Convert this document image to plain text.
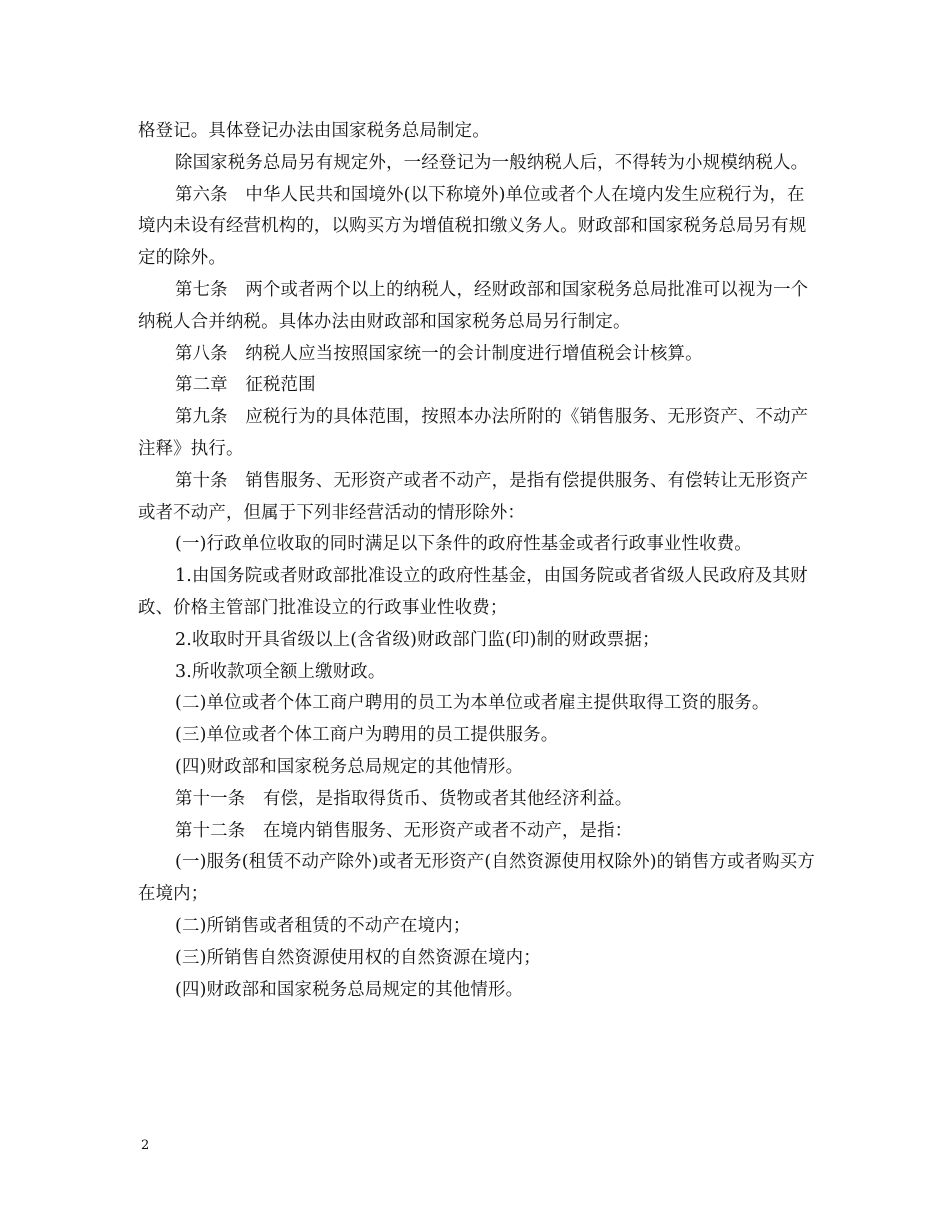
格登记。具体登记办法由国家税务总局制定。

除国家税务总局另有规定外，一经登记为一般纳税人后，不得转为小规模纳税人。

第六条　中华人民共和国境外(以下称境外)单位或者个人在境内发生应税行为，在境内未设有经营机构的，以购买方为增值税扣缴义务人。财政部和国家税务总局另有规定的除外。

第七条　两个或者两个以上的纳税人，经财政部和国家税务总局批准可以视为一个纳税人合并纳税。具体办法由财政部和国家税务总局另行制定。

第八条　纳税人应当按照国家统一的会计制度进行增值税会计核算。

第二章　征税范围

第九条　应税行为的具体范围，按照本办法所附的《销售服务、无形资产、不动产注释》执行。

第十条　销售服务、无形资产或者不动产，是指有偿提供服务、有偿转让无形资产或者不动产，但属于下列非经营活动的情形除外：

(一)行政单位收取的同时满足以下条件的政府性基金或者行政事业性收费。

1.由国务院或者财政部批准设立的政府性基金，由国务院或者省级人民政府及其财政、价格主管部门批准设立的行政事业性收费；

2.收取时开具省级以上(含省级)财政部门监(印)制的财政票据；

3.所收款项全额上缴财政。

(二)单位或者个体工商户聘用的员工为本单位或者雇主提供取得工资的服务。

(三)单位或者个体工商户为聘用的员工提供服务。

(四)财政部和国家税务总局规定的其他情形。

第十一条　有偿，是指取得货币、货物或者其他经济利益。

第十二条　在境内销售服务、无形资产或者不动产，是指：

(一)服务(租赁不动产除外)或者无形资产(自然资源使用权除外)的销售方或者购买方在境内；

(二)所销售或者租赁的不动产在境内；

(三)所销售自然资源使用权的自然资源在境内；

(四)财政部和国家税务总局规定的其他情形。

2
